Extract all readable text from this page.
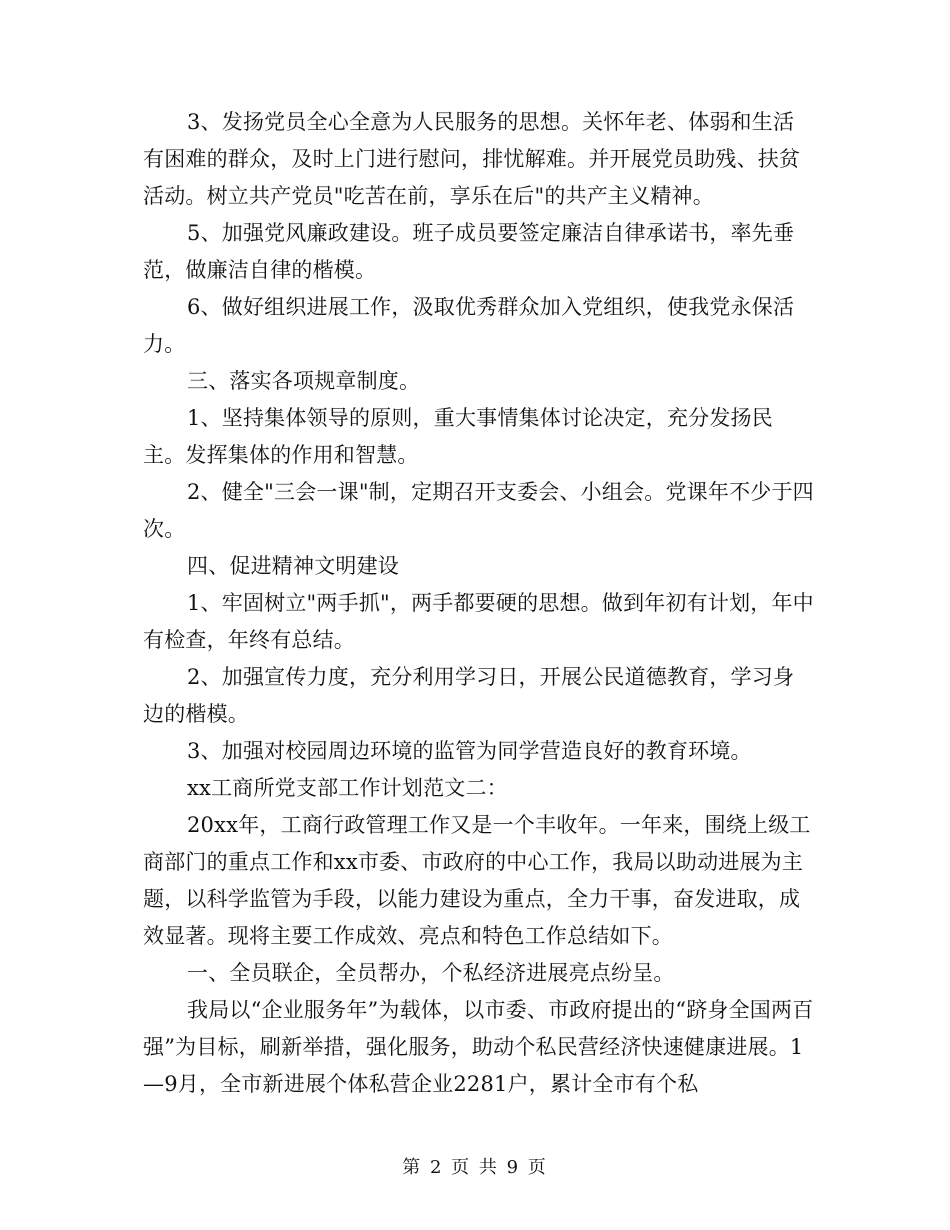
3、发扬党员全心全意为人民服务的思想。关怀年老、体弱和生活有困难的群众，及时上门进行慰问，排忧解难。并开展党员助残、扶贫活动。树立共产党员"吃苦在前，享乐在后"的共产主义精神。

5、加强党风廉政建设。班子成员要签定廉洁自律承诺书，率先垂范，做廉洁自律的楷模。

6、做好组织进展工作，汲取优秀群众加入党组织，使我党永保活力。

三、落实各项规章制度。

1、坚持集体领导的原则，重大事情集体讨论决定，充分发扬民主。发挥集体的作用和智慧。

2、健全"三会一课"制，定期召开支委会、小组会。党课年不少于四次。

四、促进精神文明建设

1、牢固树立"两手抓"，两手都要硬的思想。做到年初有计划，年中有检查，年终有总结。

2、加强宣传力度，充分利用学习日，开展公民道德教育，学习身边的楷模。

3、加强对校园周边环境的监管为同学营造良好的教育环境。

xx工商所党支部工作计划范文二：

20xx年，工商行政管理工作又是一个丰收年。一年来，围绕上级工商部门的重点工作和xx市委、市政府的中心工作，我局以助动进展为主题，以科学监管为手段，以能力建设为重点，全力干事，奋发进取，成效显著。现将主要工作成效、亮点和特色工作总结如下。

一、全员联企，全员帮办，个私经济进展亮点纷呈。

我局以“企业服务年”为载体，以市委、市政府提出的“跻身全国两百强”为目标，刷新举措，强化服务，助动个私民营经济快速健康进展。1—9月，全市新进展个体私营企业2281户，累计全市有个私

第 2 页 共 9 页
